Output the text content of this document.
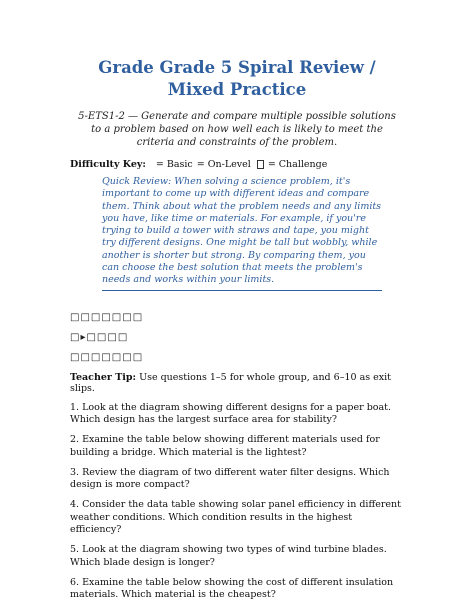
Grade Grade 5 Spiral Review / Mixed Practice

5-ETS1-2 — Generate and compare multiple possible solutions to a problem based on how well each is likely to meet the criteria and constraints of the problem.

Difficulty Key: = Basic = On-Level = Challenge
Quick Review: When solving a science problem, it's important to come up with different ideas and compare them. Think about what the problem needs and any limits you have, like time or materials. For example, if you're trying to build a tower with straws and tape, you might try different designs. One might be tall but wobbly, while another is shorter but strong. By comparing them, you can choose the best solution that meets the problem's needs and works within your limits.
□□□□□□□
□▸□□□□
□□□□□□□

Teacher Tip: Use questions 1–5 for whole group, and 6–10 as exit slips.

1. Look at the diagram showing different designs for a paper boat. Which design has the largest surface area for stability?

2. Examine the table below showing different materials used for building a bridge. Which material is the lightest?

3. Review the diagram of two different water filter designs. Which design is more compact?

4. Consider the data table showing solar panel efficiency in different weather conditions. Which condition results in the highest efficiency?

5. Look at the diagram showing two types of wind turbine blades. Which blade design is longer?

6. Examine the table below showing the cost of different insulation materials. Which material is the cheapest?
